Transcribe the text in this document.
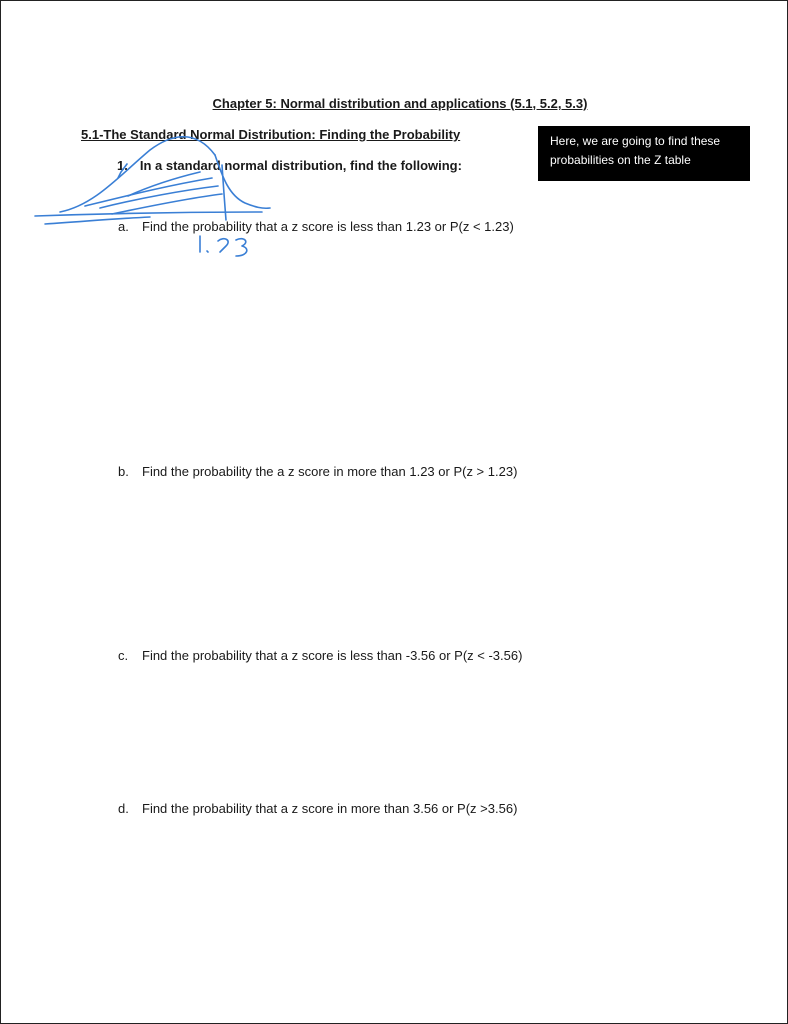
Chapter 5: Normal distribution and applications (5.1, 5.2, 5.3)
5.1-The Standard Normal Distribution: Finding the Probability
1. In a standard normal distribution, find the following:
Here, we are going to find these probabilities on the Z table
a. Find the probability that a z score is less than 1.23 or P(z < 1.23)
b. Find the probability the a z score in more than 1.23 or P(z > 1.23)
c. Find the probability that a z score is less than -3.56 or P(z < -3.56)
d. Find the probability that a z score in more than 3.56 or P(z >3.56)
